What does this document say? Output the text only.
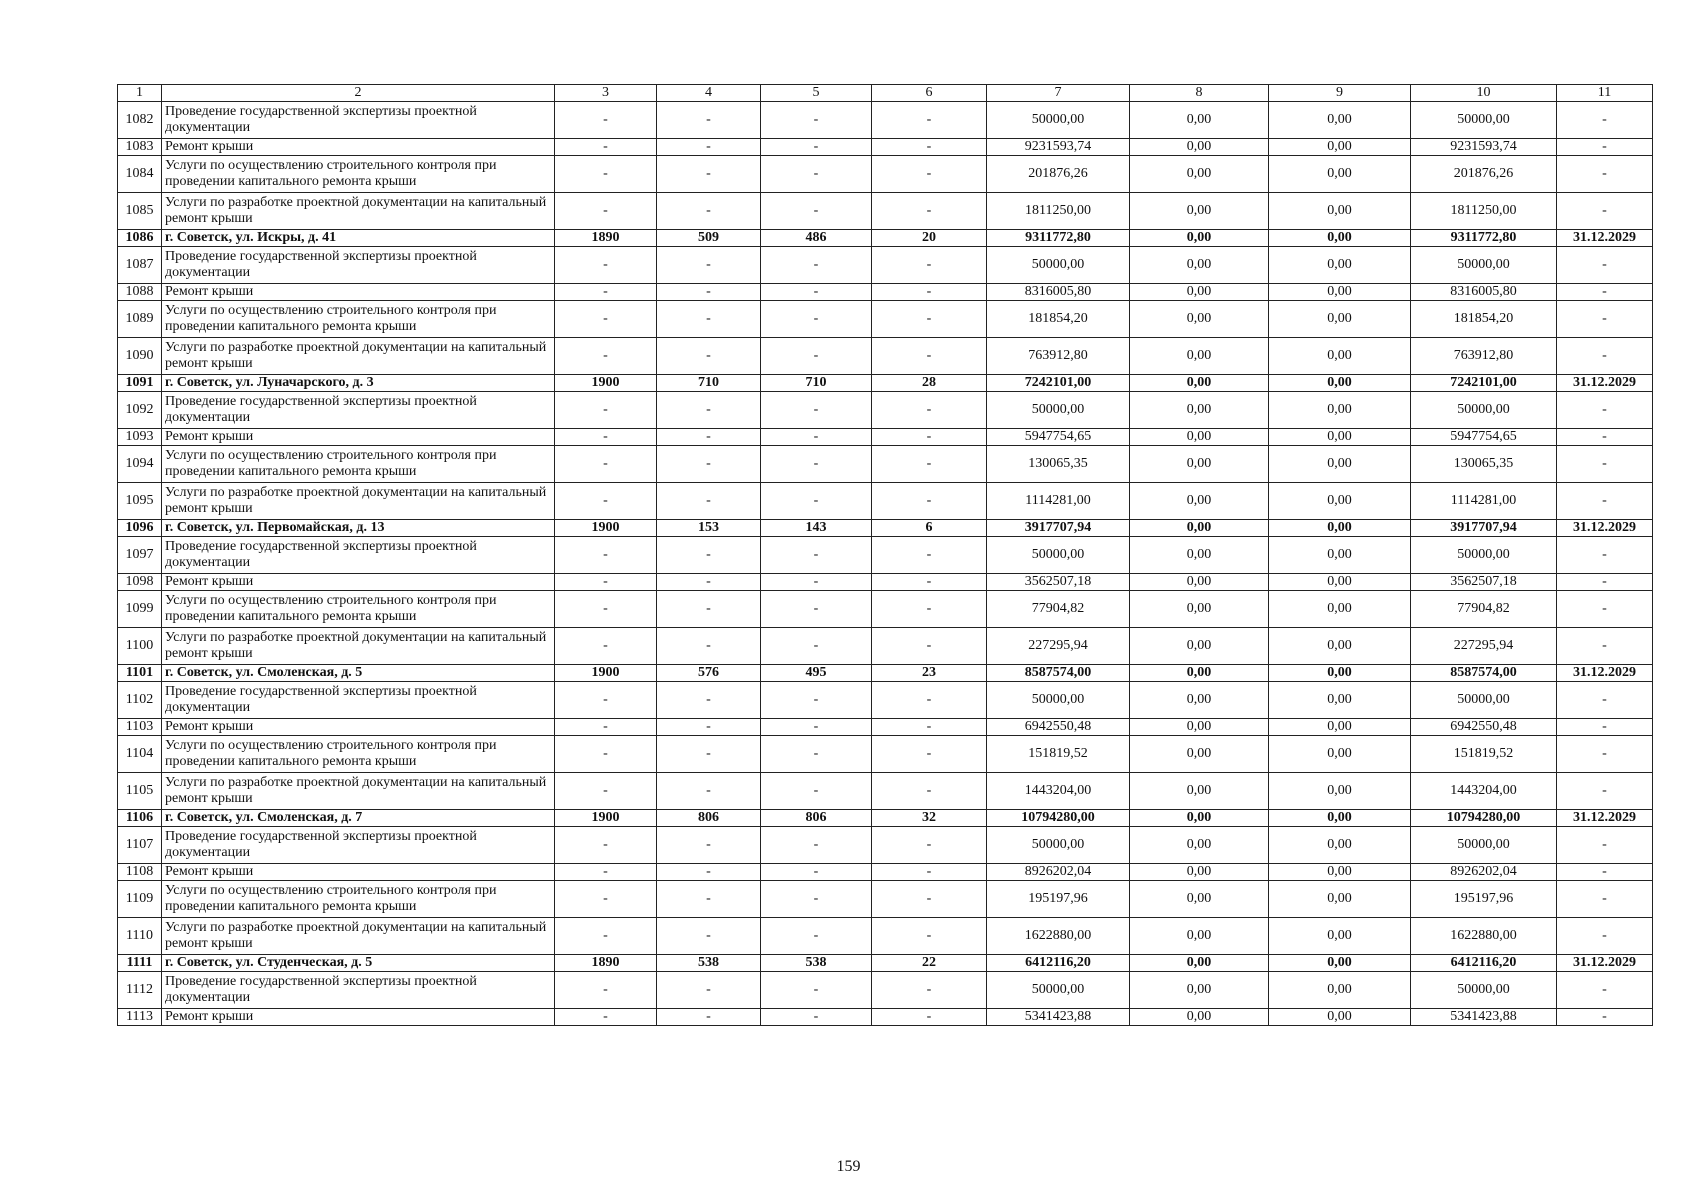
1	2	3	4	5	6	7	8	9	10	11
1082	Проведение государственной экспертизы проектной документации	-	-	-	-	50000,00	0,00	0,00	50000,00	-
1083	Ремонт крыши	-	-	-	-	9231593,74	0,00	0,00	9231593,74	-
1084	Услуги по осуществлению строительного контроля при проведении капитального ремонта крыши	-	-	-	-	201876,26	0,00	0,00	201876,26	-
1085	Услуги по разработке проектной документации на капитальный ремонт крыши	-	-	-	-	1811250,00	0,00	0,00	1811250,00	-
1086	г. Советск, ул. Искры, д. 41	1890	509	486	20	9311772,80	0,00	0,00	9311772,80	31.12.2029
1087	Проведение государственной экспертизы проектной документации	-	-	-	-	50000,00	0,00	0,00	50000,00	-
1088	Ремонт крыши	-	-	-	-	8316005,80	0,00	0,00	8316005,80	-
1089	Услуги по осуществлению строительного контроля при проведении капитального ремонта крыши	-	-	-	-	181854,20	0,00	0,00	181854,20	-
1090	Услуги по разработке проектной документации на капитальный ремонт крыши	-	-	-	-	763912,80	0,00	0,00	763912,80	-
1091	г. Советск, ул. Луначарского, д. 3	1900	710	710	28	7242101,00	0,00	0,00	7242101,00	31.12.2029
1092	Проведение государственной экспертизы проектной документации	-	-	-	-	50000,00	0,00	0,00	50000,00	-
1093	Ремонт крыши	-	-	-	-	5947754,65	0,00	0,00	5947754,65	-
1094	Услуги по осуществлению строительного контроля при проведении капитального ремонта крыши	-	-	-	-	130065,35	0,00	0,00	130065,35	-
1095	Услуги по разработке проектной документации на капитальный ремонт крыши	-	-	-	-	1114281,00	0,00	0,00	1114281,00	-
1096	г. Советск, ул. Первомайская, д. 13	1900	153	143	6	3917707,94	0,00	0,00	3917707,94	31.12.2029
1097	Проведение государственной экспертизы проектной документации	-	-	-	-	50000,00	0,00	0,00	50000,00	-
1098	Ремонт крыши	-	-	-	-	3562507,18	0,00	0,00	3562507,18	-
1099	Услуги по осуществлению строительного контроля при проведении капитального ремонта крыши	-	-	-	-	77904,82	0,00	0,00	77904,82	-
1100	Услуги по разработке проектной документации на капитальный ремонт крыши	-	-	-	-	227295,94	0,00	0,00	227295,94	-
1101	г. Советск, ул. Смоленская, д. 5	1900	576	495	23	8587574,00	0,00	0,00	8587574,00	31.12.2029
1102	Проведение государственной экспертизы проектной документации	-	-	-	-	50000,00	0,00	0,00	50000,00	-
1103	Ремонт крыши	-	-	-	-	6942550,48	0,00	0,00	6942550,48	-
1104	Услуги по осуществлению строительного контроля при проведении капитального ремонта крыши	-	-	-	-	151819,52	0,00	0,00	151819,52	-
1105	Услуги по разработке проектной документации на капитальный ремонт крыши	-	-	-	-	1443204,00	0,00	0,00	1443204,00	-
1106	г. Советск, ул. Смоленская, д. 7	1900	806	806	32	10794280,00	0,00	0,00	10794280,00	31.12.2029
1107	Проведение государственной экспертизы проектной документации	-	-	-	-	50000,00	0,00	0,00	50000,00	-
1108	Ремонт крыши	-	-	-	-	8926202,04	0,00	0,00	8926202,04	-
1109	Услуги по осуществлению строительного контроля при проведении капитального ремонта крыши	-	-	-	-	195197,96	0,00	0,00	195197,96	-
1110	Услуги по разработке проектной документации на капитальный ремонт крыши	-	-	-	-	1622880,00	0,00	0,00	1622880,00	-
1111	г. Советск, ул. Студенческая, д. 5	1890	538	538	22	6412116,20	0,00	0,00	6412116,20	31.12.2029
1112	Проведение государственной экспертизы проектной документации	-	-	-	-	50000,00	0,00	0,00	50000,00	-
1113	Ремонт крыши	-	-	-	-	5341423,88	0,00	0,00	5341423,88	-
159
